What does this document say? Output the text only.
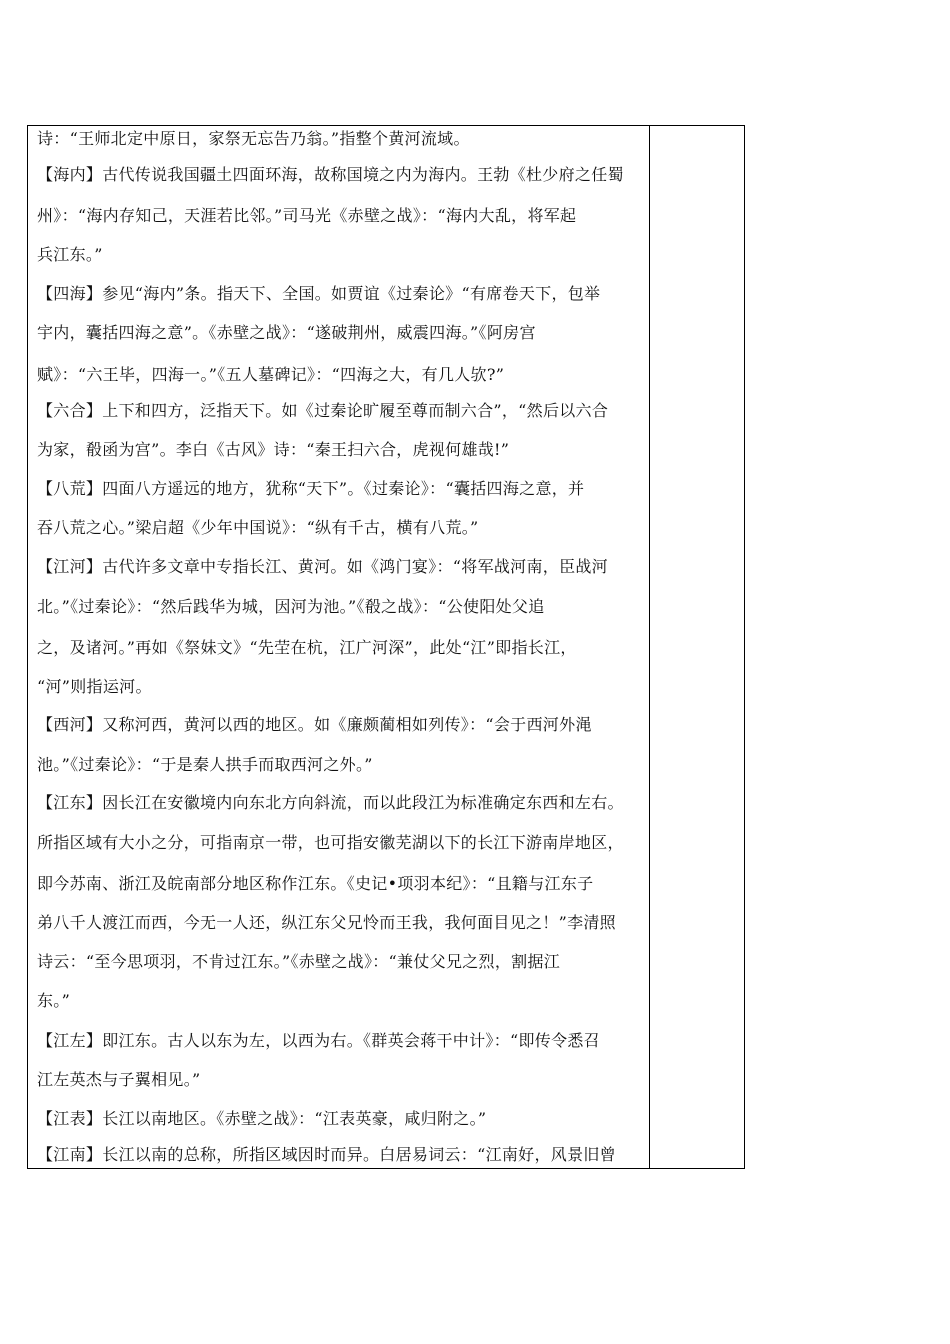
诗：“王师北定中原日，家祭无忘告乃翁。”指整个黄河流域。
【海内】古代传说我国疆土四面环海，故称国境之内为海内。王勃《杜少府之任蜀
州》：“海内存知己，天涯若比邻。”司马光《赤壁之战》：“海内大乱，将军起
兵江东。”
【四海】参见“海内”条。指天下、全国。如贾谊《过秦论》“有席卷天下，包举
宇内，囊括四海之意”。《赤壁之战》：“遂破荆州，威震四海。”《阿房宫
赋》：“六王毕，四海一。”《五人墓碑记》：“四海之大，有几人欤?”
【六合】上下和四方，泛指天下。如《过秦论旷履至尊而制六合”，“然后以六合
为家，殽函为宫”。李白《古风》诗：“秦王扫六合，虎视何雄哉!”
【八荒】四面八方遥远的地方，犹称“天下”。《过秦论》：“囊括四海之意，并
吞八荒之心。”梁启超《少年中国说》：“纵有千古，横有八荒。”
【江河】古代许多文章中专指长江、黄河。如《鸿门宴》：“将军战河南，臣战河
北。”《过秦论》：“然后践华为城，因河为池。”《殽之战》：“公使阳处父追
之，及诸河。”再如《祭妹文》“先茔在杭，江广河深”，此处“江”即指长江，
“河”则指运河。
【西河】又称河西，黄河以西的地区。如《廉颇蔺相如列传》：“会于西河外渑
池。”《过秦论》：“于是秦人拱手而取西河之外。”
【江东】因长江在安徽境内向东北方向斜流，而以此段江为标准确定东西和左右。
所指区域有大小之分，可指南京一带，也可指安徽芜湖以下的长江下游南岸地区，
即今苏南、浙江及皖南部分地区称作江东。《史记•项羽本纪》：“且籍与江东子
弟八千人渡江而西，今无一人还，纵江东父兄怜而王我，我何面目见之！”李清照
诗云：“至今思项羽，不肯过江东。”《赤壁之战》：“兼仗父兄之烈，割据江
东。”
【江左】即江东。古人以东为左，以西为右。《群英会蒋干中计》：“即传令悉召
江左英杰与子翼相见。”
【江表】长江以南地区。《赤壁之战》：“江表英豪，咸归附之。”
【江南】长江以南的总称，所指区域因时而异。白居易词云：“江南好，风景旧曾
